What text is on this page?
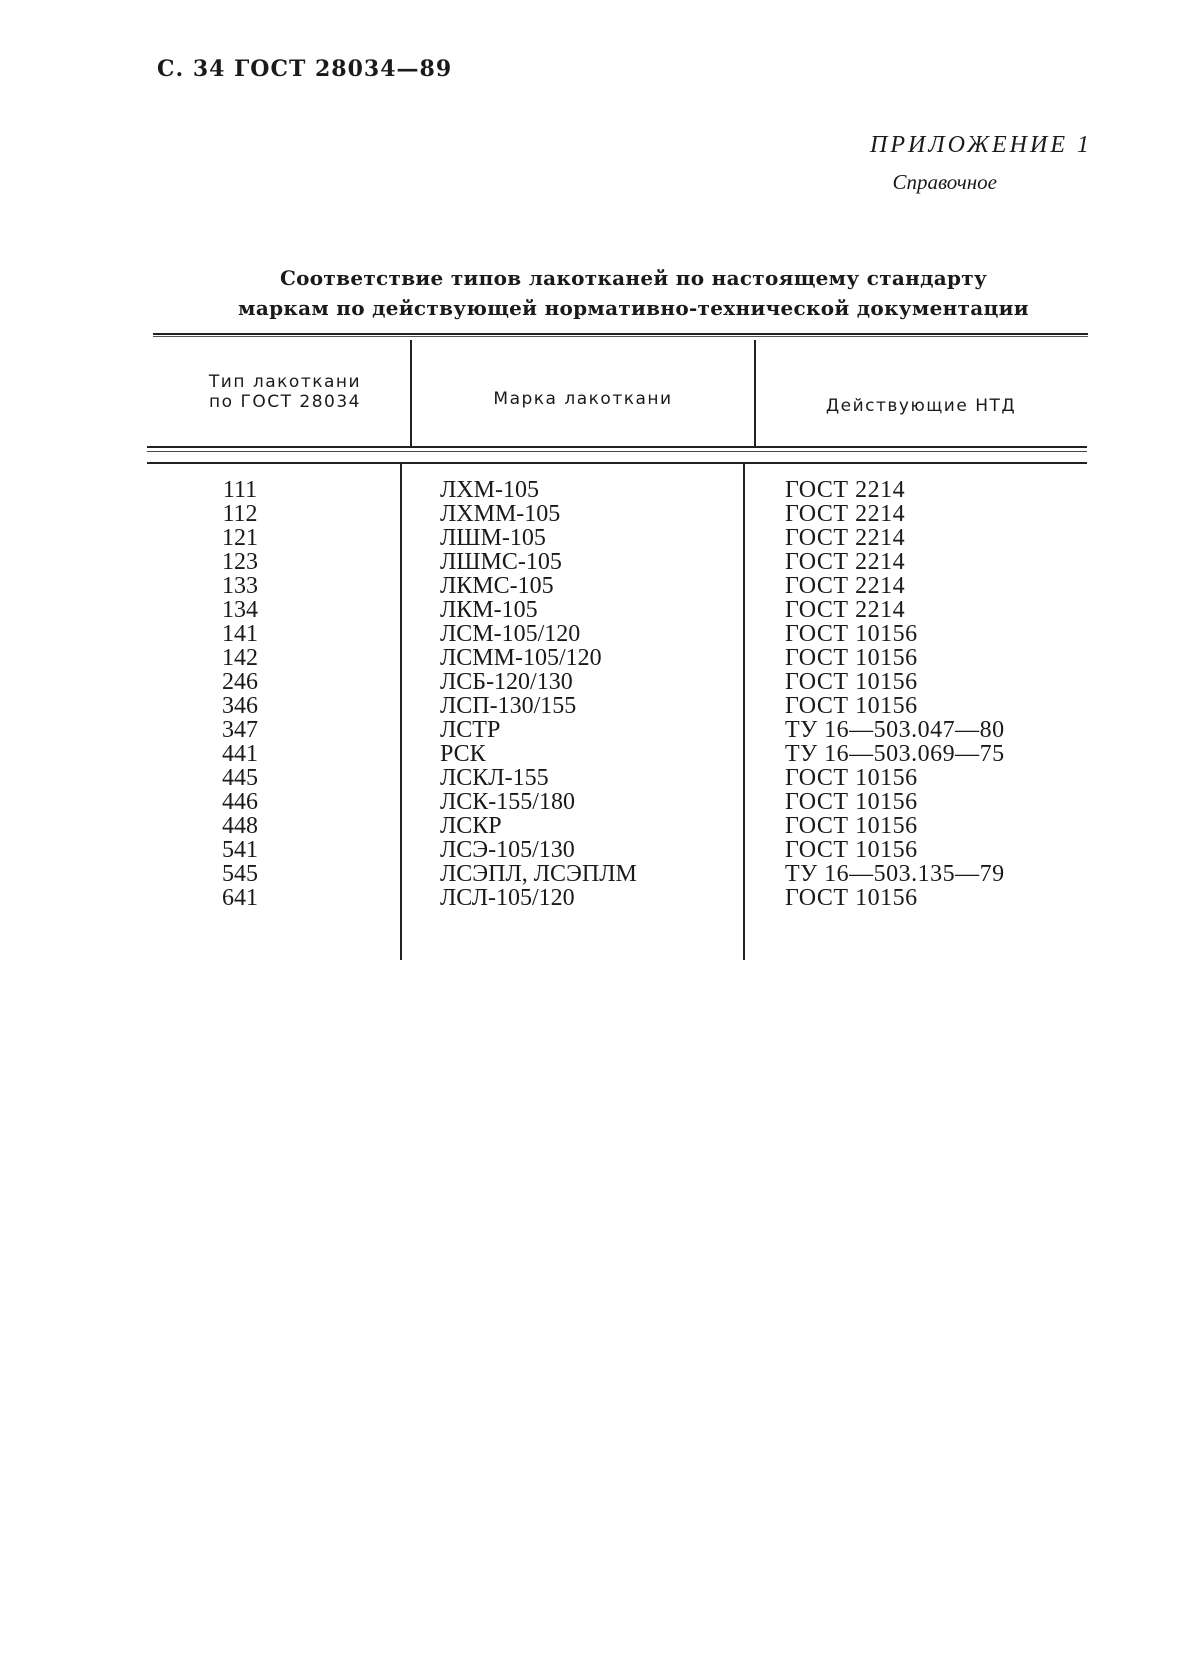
С. 34 ГОСТ 28034—89
ПРИЛОЖЕНИЕ 1
Справочное
Соответствие типов лакотканей по настоящему стандарту
маркам по действующей нормативно-технической документации
Тип лакоткани
по ГОСТ 28034	Марка лакоткани	Действующие НТД
111	ЛХМ-105	ГОСТ 2214
112	ЛХММ-105	ГОСТ 2214
121	ЛШМ-105	ГОСТ 2214
123	ЛШМС-105	ГОСТ 2214
133	ЛКМС-105	ГОСТ 2214
134	ЛКМ-105	ГОСТ 2214
141	ЛСМ-105/120	ГОСТ 10156
142	ЛСММ-105/120	ГОСТ 10156
246	ЛСБ-120/130	ГОСТ 10156
346	ЛСП-130/155	ГОСТ 10156
347	ЛСТР	ТУ 16—503.047—80
441	РСК	ТУ 16—503.069—75
445	ЛСКЛ-155	ГОСТ 10156
446	ЛСК-155/180	ГОСТ 10156
448	ЛСКР	ГОСТ 10156
541	ЛСЭ-105/130	ГОСТ 10156
545	ЛСЭПЛ, ЛСЭПЛМ	ТУ 16—503.135—79
641	ЛСЛ-105/120	ГОСТ 10156
